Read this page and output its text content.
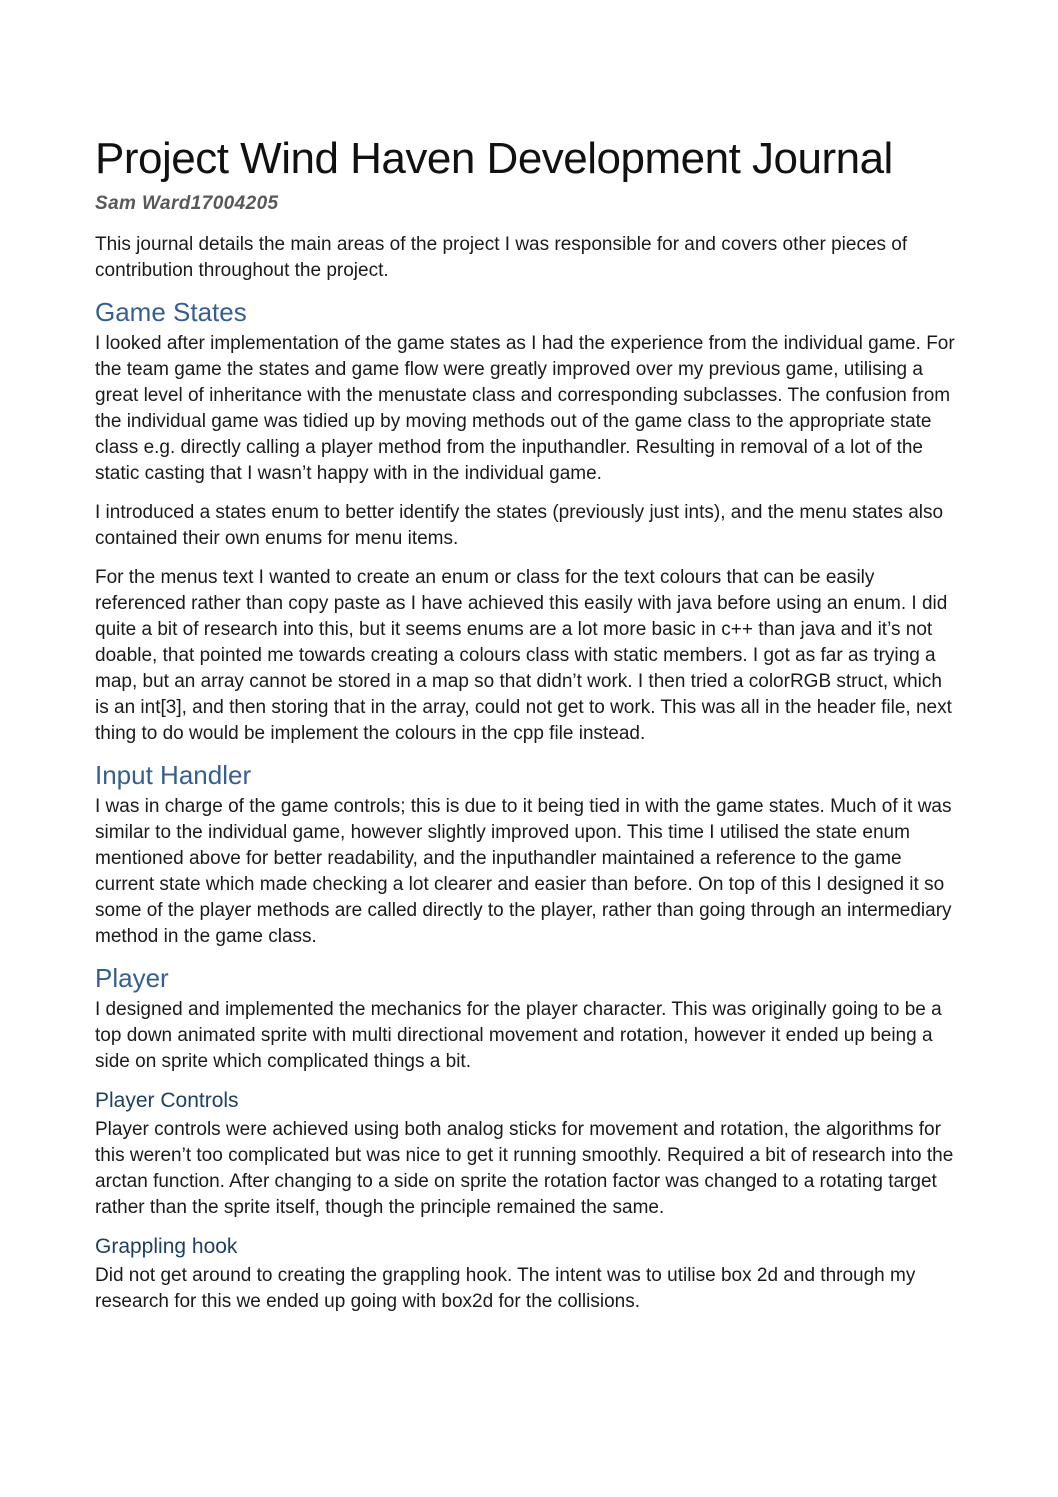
Project Wind Haven Development Journal
Sam Ward17004205

This journal details the main areas of the project I was responsible for and covers other pieces of contribution throughout the project.

Game States

I looked after implementation of the game states as I had the experience from the individual game. For the team game the states and game flow were greatly improved over my previous game, utilising a great level of inheritance with the menustate class and corresponding subclasses. The confusion from the individual game was tidied up by moving methods out of the game class to the appropriate state class e.g. directly calling a player method from the inputhandler. Resulting in removal of a lot of the static casting that I wasn’t happy with in the individual game.

I introduced a states enum to better identify the states (previously just ints), and the menu states also contained their own enums for menu items.

For the menus text I wanted to create an enum or class for the text colours that can be easily referenced rather than copy paste as I have achieved this easily with java before using an enum. I did quite a bit of research into this, but it seems enums are a lot more basic in c++ than java and it’s not doable, that pointed me towards creating a colours class with static members. I got as far as trying a map, but an array cannot be stored in a map so that didn’t work. I then tried a colorRGB struct, which is an int[3], and then storing that in the array, could not get to work. This was all in the header file, next thing to do would be implement the colours in the cpp file instead.

Input Handler

I was in charge of the game controls; this is due to it being tied in with the game states. Much of it was similar to the individual game, however slightly improved upon. This time I utilised the state enum mentioned above for better readability, and the inputhandler maintained a reference to the game current state which made checking a lot clearer and easier than before. On top of this I designed it so some of the player methods are called directly to the player, rather than going through an intermediary method in the game class.

Player

I designed and implemented the mechanics for the player character. This was originally going to be a top down animated sprite with multi directional movement and rotation, however it ended up being a side on sprite which complicated things a bit.

Player Controls

Player controls were achieved using both analog sticks for movement and rotation, the algorithms for this weren’t too complicated but was nice to get it running smoothly. Required a bit of research into the arctan function. After changing to a side on sprite the rotation factor was changed to a rotating target rather than the sprite itself, though the principle remained the same.

Grappling hook

Did not get around to creating the grappling hook. The intent was to utilise box 2d and through my research for this we ended up going with box2d for the collisions.
